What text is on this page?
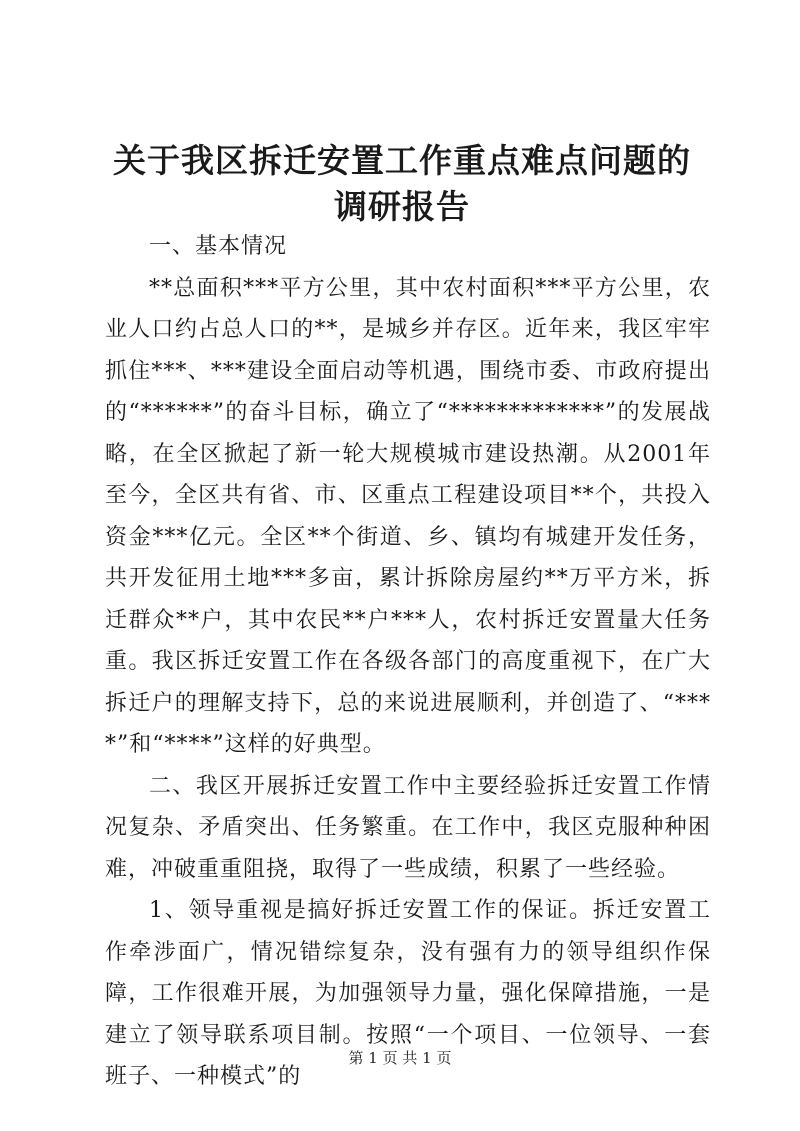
关于我区拆迁安置工作重点难点问题的调研报告

一、基本情况

**总面积***平方公里，其中农村面积***平方公里，农业人口约占总人口的**，是城乡并存区。近年来，我区牢牢抓住***、***建设全面启动等机遇，围绕市委、市政府提出的“******”的奋斗目标，确立了“*************”的发展战略，在全区掀起了新一轮大规模城市建设热潮。从2001年至今，全区共有省、市、区重点工程建设项目**个，共投入资金***亿元。全区**个街道、乡、镇均有城建开发任务，共开发征用土地***多亩，累计拆除房屋约**万平方米，拆迁群众**户，其中农民**户***人，农村拆迁安置量大任务重。我区拆迁安置工作在各级各部门的高度重视下，在广大拆迁户的理解支持下，总的来说进展顺利，并创造了、“****”和“****”这样的好典型。

二、我区开展拆迁安置工作中主要经验拆迁安置工作情况复杂、矛盾突出、任务繁重。在工作中，我区克服种种困难，冲破重重阻挠，取得了一些成绩，积累了一些经验。

1、领导重视是搞好拆迁安置工作的保证。拆迁安置工作牵涉面广，情况错综复杂，没有强有力的领导组织作保障，工作很难开展，为加强领导力量，强化保障措施，一是建立了领导联系项目制。按照“一个项目、一位领导、一套班子、一种模式”的

第 1 页 共 1 页
